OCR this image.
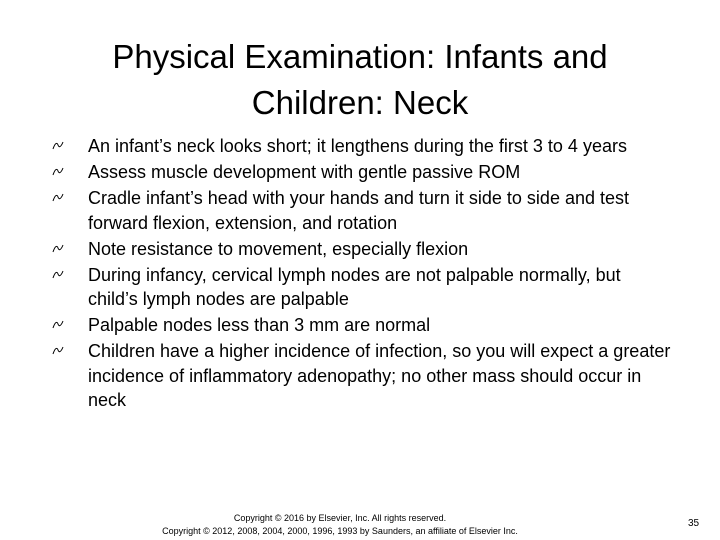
Physical Examination: Infants and
Children: Neck
An infant’s neck looks short; it lengthens during the first 3 to 4 years
Assess muscle development with gentle passive ROM
Cradle infant’s head with your hands and turn it side to side and test forward flexion, extension, and rotation
Note resistance to movement, especially flexion
During infancy, cervical lymph nodes are not palpable normally, but child’s lymph nodes are palpable
Palpable nodes less than 3 mm are normal
Children have a higher incidence of infection, so you will expect a greater incidence of inflammatory adenopathy; no other mass should occur in neck
Copyright © 2016 by Elsevier, Inc. All rights reserved.
Copyright © 2012, 2008, 2004, 2000, 1996, 1993 by Saunders, an affiliate of Elsevier Inc.
35
